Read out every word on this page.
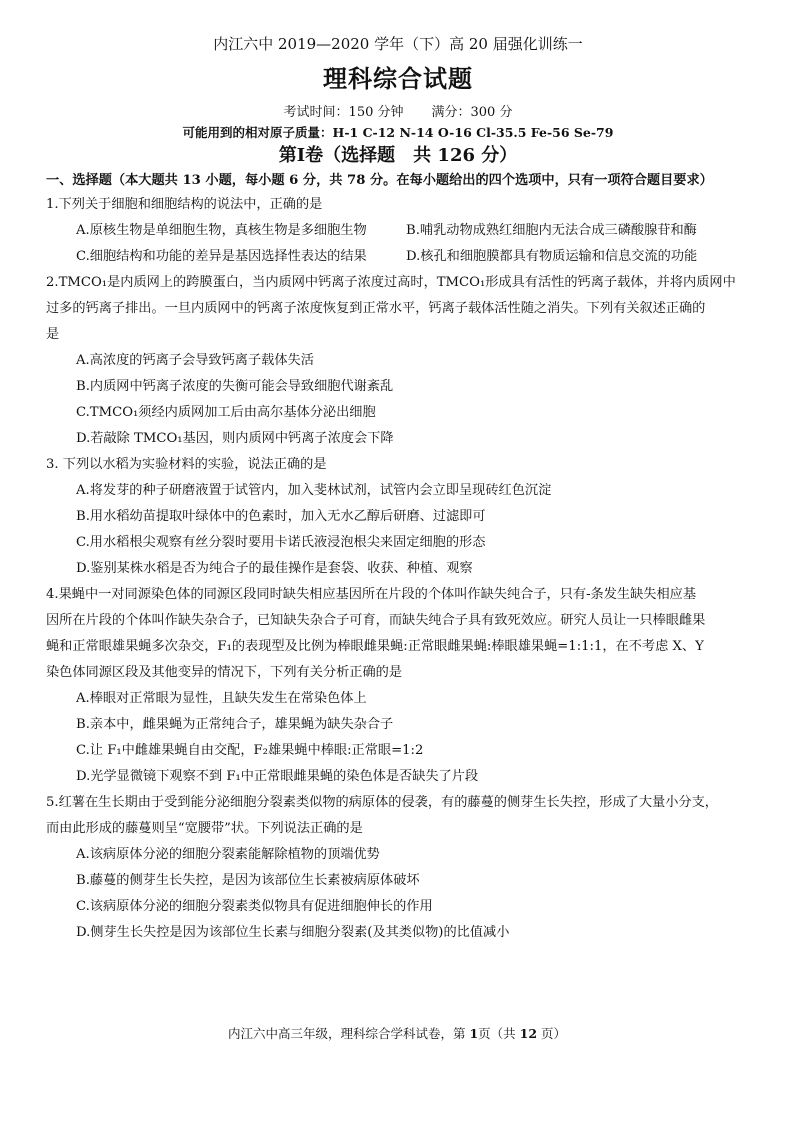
内江六中 2019—2020 学年（下）高 20 届强化训练一
理科综合试题
考试时间：150 分钟 满分：300 分
可能用到的相对原子质量：H-1 C-12 N-14 O-16 Cl-35.5 Fe-56 Se-79
第Ⅰ卷（选择题　共 126 分）
一、选择题（本大题共 13 小题，每小题 6 分，共 78 分。在每小题给出的四个选项中，只有一项符合题目要求）

1.下列关于细胞和细胞结构的说法中，正确的是

A.原核生物是单细胞生物，真核生物是多细胞生物	B.哺乳动物成熟红细胞内无法合成三磷酸腺苷和酶
C.细胞结构和功能的差异是基因选择性表达的结果	D.核孔和细胞膜都具有物质运输和信息交流的功能

2.TMCO₁是内质网上的跨膜蛋白，当内质网中钙离子浓度过高时，TMCO₁形成具有活性的钙离子载体，并将内质网中

过多的钙离子排出。一旦内质网中的钙离子浓度恢复到正常水平，钙离子载体活性随之消失。下列有关叙述正确的

是

A.高浓度的钙离子会导致钙离子载体失活

B.内质网中钙离子浓度的失衡可能会导致细胞代谢紊乱

C.TMCO₁须经内质网加工后由高尔基体分泌出细胞

D.若敲除 TMCO₁基因，则内质网中钙离子浓度会下降

3. 下列以水稻为实验材料的实验，说法正确的是

A.将发芽的种子研磨液置于试管内，加入斐林试剂，试管内会立即呈现砖红色沉淀

B.用水稻幼苗提取叶绿体中的色素时，加入无水乙醇后研磨、过滤即可

C.用水稻根尖观察有丝分裂时要用卡诺氏液浸泡根尖来固定细胞的形态

D.鉴别某株水稻是否为纯合子的最佳操作是套袋、收获、种植、观察

4.果蝇中一对同源染色体的同源区段同时缺失相应基因所在片段的个体叫作缺失纯合子，只有-条发生缺失相应基

因所在片段的个体叫作缺失杂合子，已知缺失杂合子可育，而缺失纯合子具有致死效应。研究人员让一只棒眼雌果

蝇和正常眼雄果蝇多次杂交，F₁的表现型及比例为棒眼雌果蝇:正常眼雌果蝇:棒眼雄果蝇=1:1:1，在不考虑 X、Y

染色体同源区段及其他变异的情况下，下列有关分析正确的是

A.棒眼对正常眼为显性，且缺失发生在常染色体上

B.亲本中，雌果蝇为正常纯合子，雄果蝇为缺失杂合子

C.让 F₁中雌雄果蝇自由交配，F₂雄果蝇中棒眼:正常眼=1:2

D.光学显微镜下观察不到 F₁中正常眼雌果蝇的染色体是否缺失了片段

5.红薯在生长期由于受到能分泌细胞分裂素类似物的病原体的侵袭，有的藤蔓的侧芽生长失控，形成了大量小分支，

而由此形成的藤蔓则呈“宽腰带”状。下列说法正确的是

A.该病原体分泌的细胞分裂素能解除植物的顶端优势

B.藤蔓的侧芽生长失控，是因为该部位生长素被病原体破坏

C.该病原体分泌的细胞分裂素类似物具有促进细胞伸长的作用

D.侧芽生长失控是因为该部位生长素与细胞分裂素(及其类似物)的比值减小

内江六中高三年级，理科综合学科试卷，第 1页（共 12 页）
